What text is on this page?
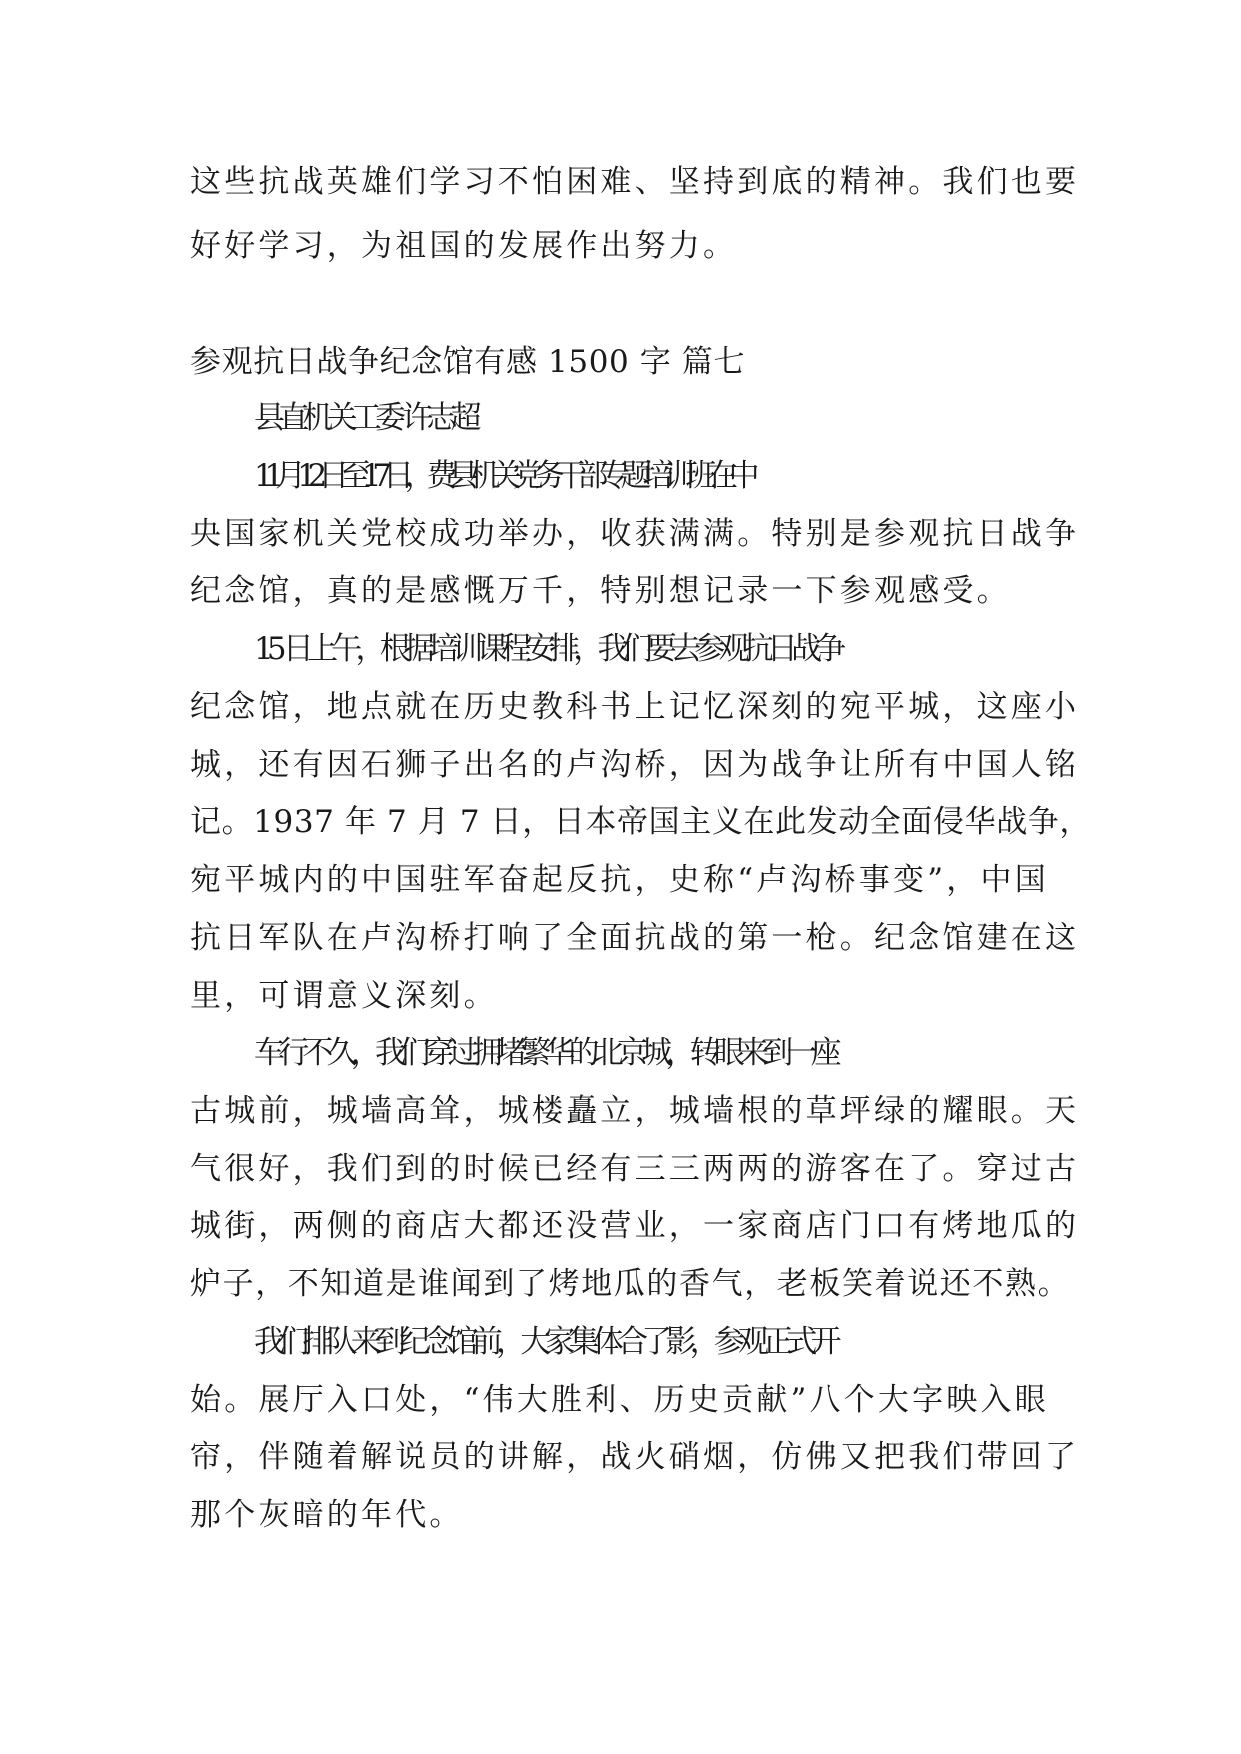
这些抗战英雄们学习不怕困难、坚持到底的精神。我们也要
好好学习，为祖国的发展作出努力。
参观抗日战争纪念馆有感 1500 字 篇七
县直机关工委 许志超
11 月 12 日至 17 日，费县机关党务干部专题培训班在中
央国家机关党校成功举办，收获满满。特别是参观抗日战争
纪念馆，真的是感慨万千，特别想记录一下参观感受。
15 日上午，根据培训课程安排，我们要去参观抗日战争
纪念馆，地点就在历史教科书上记忆深刻的宛平城，这座小
城，还有因石狮子出名的卢沟桥，因为战争让所有中国人铭
记。1937 年 7 月 7 日，日本帝国主义在此发动全面侵华战争，
宛平城内的中国驻军奋起反抗，史称“卢沟桥事变”，中国
抗日军队在卢沟桥打响了全面抗战的第一枪。纪念馆建在这
里，可谓意义深刻。
车行不久，我们穿过拥堵繁华的北京城，转眼来到一座
古城前，城墙高耸，城楼矗立，城墙根的草坪绿的耀眼。天
气很好，我们到的时候已经有三三两两的游客在了。穿过古
城街，两侧的商店大都还没营业，一家商店门口有烤地瓜的
炉子，不知道是谁闻到了烤地瓜的香气，老板笑着说还不熟。
我们排队来到纪念馆前，大家集体合了影，参观正式开
始。展厅入口处，“伟大胜利、历史贡献”八个大字映入眼
帘，伴随着解说员的讲解，战火硝烟，仿佛又把我们带回了
那个灰暗的年代。
